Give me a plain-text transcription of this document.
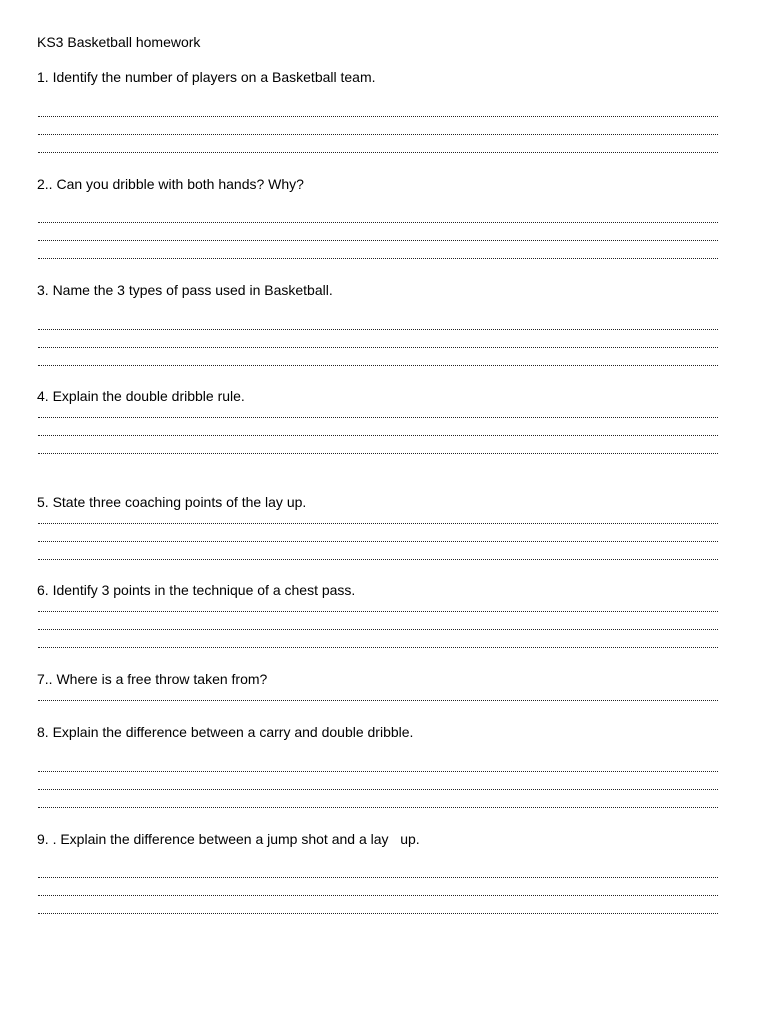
KS3 Basketball homework
1. Identify the number of players on a Basketball team.
2.. Can you dribble with both hands? Why?
3. Name the 3 types of pass used in Basketball.
4. Explain the double dribble rule.
5. State three coaching points of the lay up.
6. Identify 3 points in the technique of a chest pass.
7.. Where is a free throw taken from?
8. Explain the difference between a carry and double dribble.
9. . Explain the difference between a jump shot and a lay   up.
